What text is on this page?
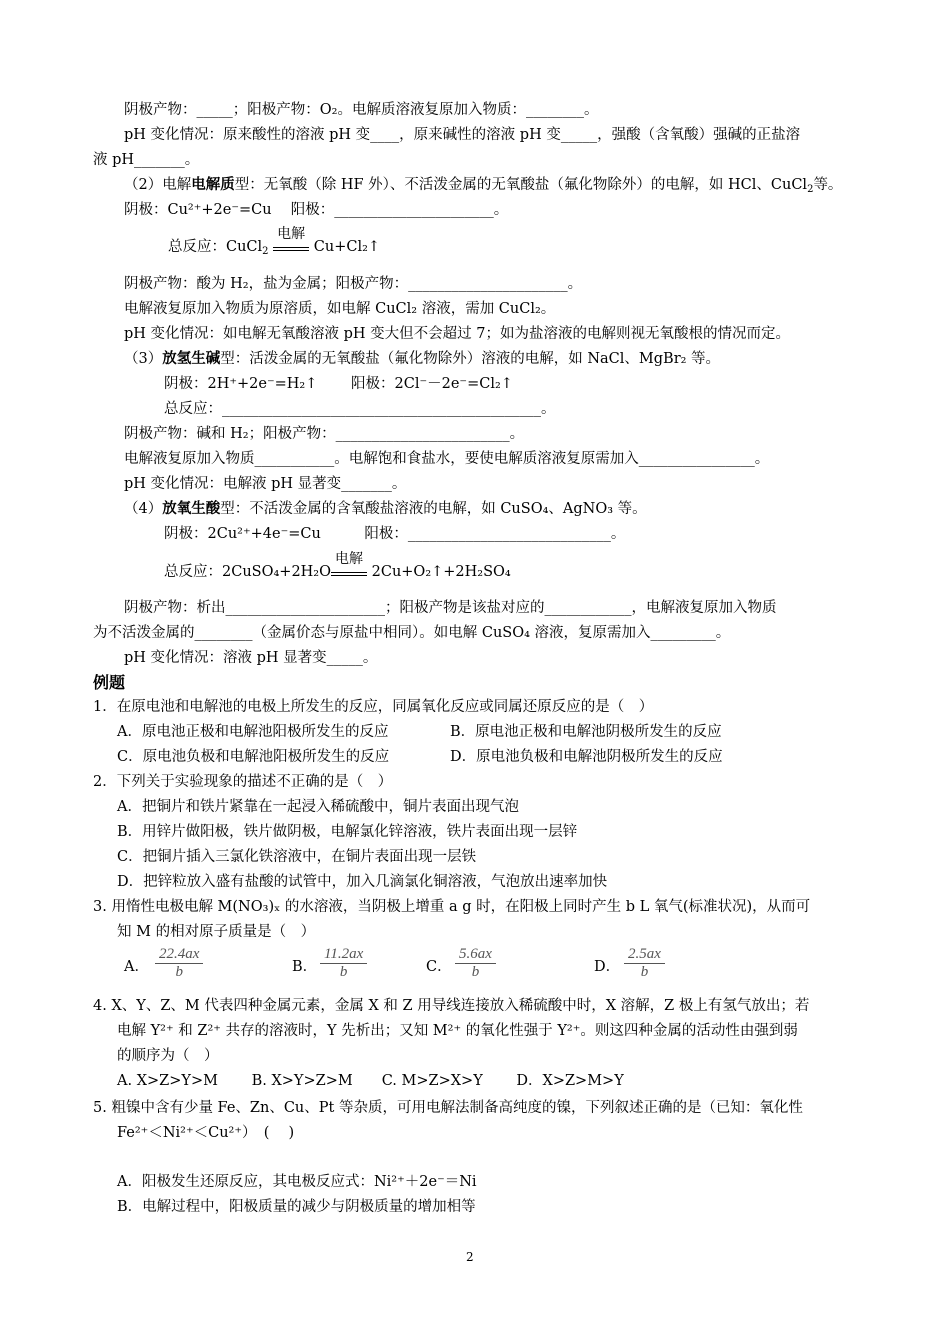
阴极产物：_____；阳极产物：O₂。电解质溶液复原加入物质：________。
pH 变化情况：原来酸性的溶液 pH 变____，原来碱性的溶液 pH 变_____，强酸（含氧酸）强碱的正盐溶
液 pH_______。
（2）电解电解质型：无氧酸（除 HF 外）、不活泼金属的无氧酸盐（氟化物除外）的电解，如 HCl、CuCl$_2$等。
阴极：Cu²⁺+2e⁻=Cu　 阳极：______________________。
总反应：CuCl$_2$
电解
Cu+Cl₂↑
阴极产物：酸为 H₂，盐为金属；阳极产物：______________________。
电解液复原加入物质为原溶质，如电解 CuCl₂ 溶液，需加 CuCl₂。
pH 变化情况：如电解无氧酸溶液 pH 变大但不会超过 7；如为盐溶液的电解则视无氧酸根的情况而定。
（3）放氢生碱型：活泼金属的无氧酸盐（氟化物除外）溶液的电解，如 NaCl、MgBr₂ 等。
阴极：2H⁺+2e⁻=H₂↑　　 阳极：2Cl⁻－2e⁻=Cl₂↑
总反应：____________________________________________。
阴极产物：碱和 H₂；阳极产物：________________________。
电解液复原加入物质___________。电解饱和食盐水，要使电解质溶液复原需加入________________。
pH 变化情况：电解液 pH 显著变_______。
（4）放氧生酸型：不活泼金属的含氧酸盐溶液的电解，如 CuSO₄、AgNO₃ 等。
阴极：2Cu²⁺+4e⁻=Cu　　　阳极：____________________________。
总反应：2CuSO₄+2H₂O
电解
2Cu+O₂↑+2H₂SO₄
阴极产物：析出______________________；阳极产物是该盐对应的____________，电解液复原加入物质
为不活泼金属的________（金属价态与原盐中相同）。如电解 CuSO₄ 溶液，复原需加入_________。
pH 变化情况：溶液 pH 显著变_____。
例题
1．在原电池和电解池的电极上所发生的反应，同属氧化反应或同属还原反应的是（　）
A．原电池正极和电解池阳极所发生的反应	B．原电池正极和电解池阴极所发生的反应
C．原电池负极和电解池阳极所发生的反应	D．原电池负极和电解池阴极所发生的反应
2．下列关于实验现象的描述不正确的是（　）
A．把铜片和铁片紧靠在一起浸入稀硫酸中，铜片表面出现气泡
B．用锌片做阳极，铁片做阴极，电解氯化锌溶液，铁片表面出现一层锌
C．把铜片插入三氯化铁溶液中，在铜片表面出现一层铁
D．把锌粒放入盛有盐酸的试管中，加入几滴氯化铜溶液，气泡放出速率加快
3. 用惰性电极电解 M(NO₃)ₓ 的水溶液，当阴极上增重 a g 时，在阳极上同时产生 b L 氧气(标准状况)，从而可
知 M 的相对原子质量是（　）
A． $\frac{22.4ax}{b}$	B． $\frac{11.2ax}{b}$	C． $\frac{5.6ax}{b}$	D． $\frac{2.5ax}{b}$
4. X、Y、Z、M 代表四种金属元素，金属 X 和 Z 用导线连接放入稀硫酸中时，X 溶解，Z 极上有氢气放出；若
电解 Y²⁺ 和 Z²⁺ 共存的溶液时，Y 先析出；又知 M²⁺ 的氧化性强于 Y²⁺。则这四种金属的活动性由强到弱
的顺序为（　）
A. X>Z>Y>M　　 B. X>Y>Z>M　　C. M>Z>X>Y　　 D．X>Z>M>Y
5. 粗镍中含有少量 Fe、Zn、Cu、Pt 等杂质，可用电解法制备高纯度的镍，下列叙述正确的是（已知：氧化性
Fe²⁺＜Ni²⁺＜Cu²⁺）　(　 )
A．阳极发生还原反应，其电极反应式：Ni²⁺＋2e⁻＝Ni
B．电解过程中，阳极质量的减少与阴极质量的增加相等
2
